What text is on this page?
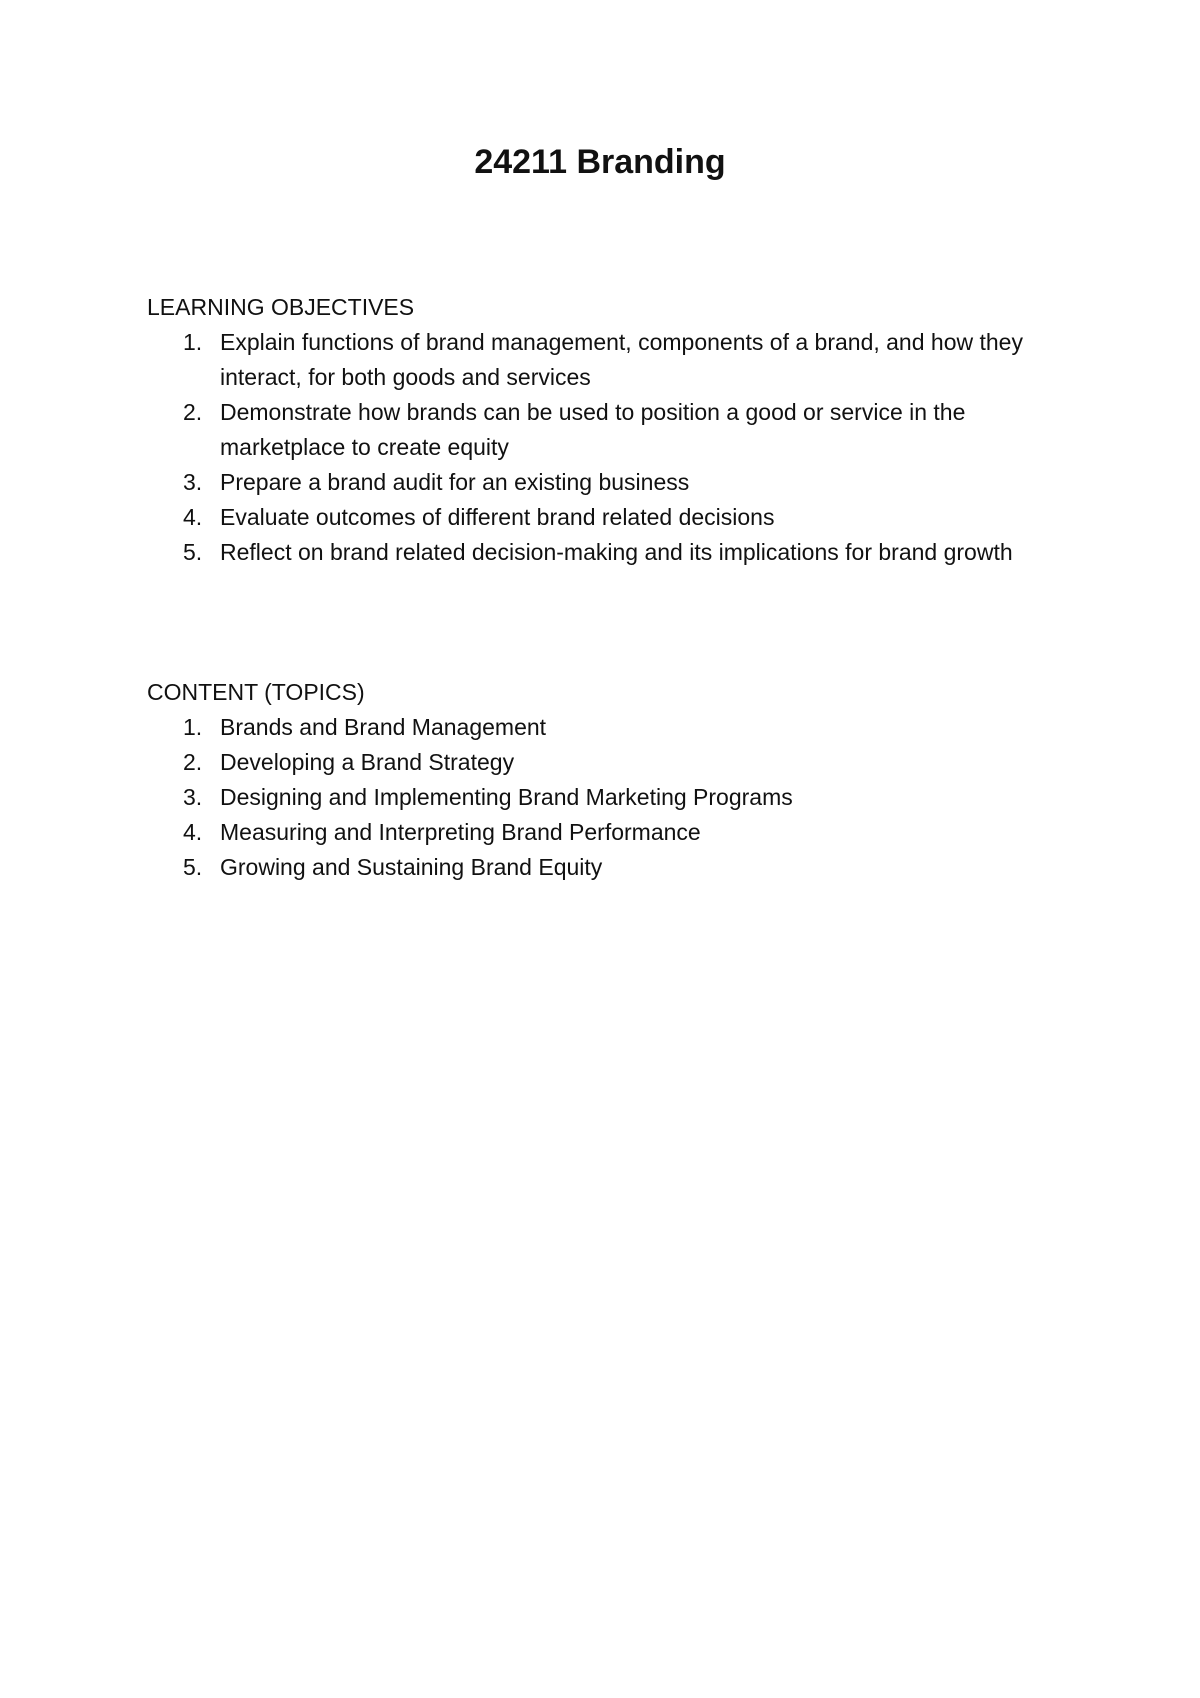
24211 Branding
LEARNING OBJECTIVES
1. Explain functions of brand management, components of a brand, and how they interact, for both goods and services
2. Demonstrate how brands can be used to position a good or service in the marketplace to create equity
3. Prepare a brand audit for an existing business
4. Evaluate outcomes of different brand related decisions
5. Reflect on brand related decision-making and its implications for brand growth
CONTENT (TOPICS)
1. Brands and Brand Management
2. Developing a Brand Strategy
3. Designing and Implementing Brand Marketing Programs
4. Measuring and Interpreting Brand Performance
5. Growing and Sustaining Brand Equity
